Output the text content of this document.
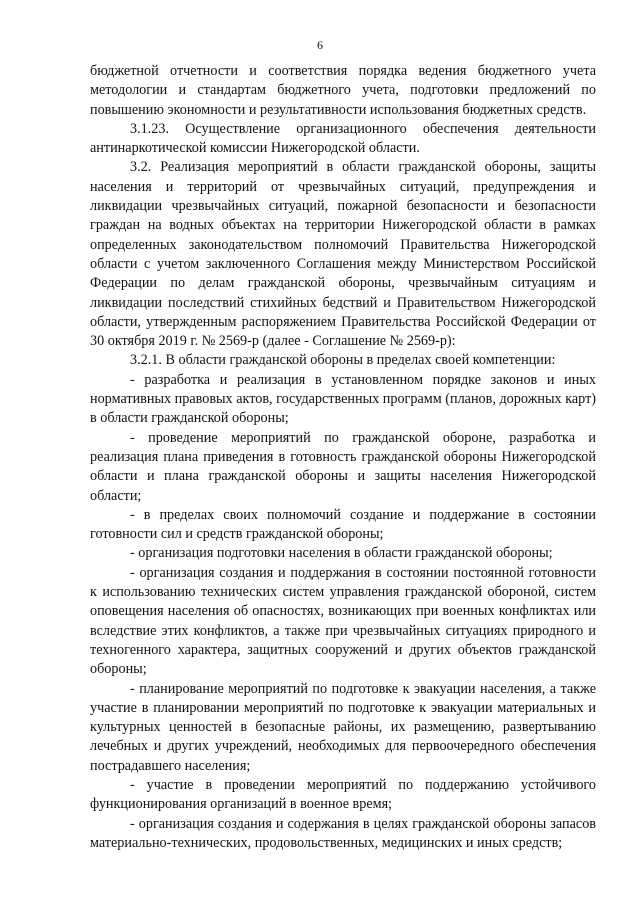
6

бюджетной отчетности и соответствия порядка ведения бюджетного учета методологии и стандартам бюджетного учета, подготовки предложений по повышению экономности и результативности использования бюджетных средств.

3.1.23. Осуществление организационного обеспечения деятельности антинаркотической комиссии Нижегородской области.

3.2. Реализация мероприятий в области гражданской обороны, защиты населения и территорий от чрезвычайных ситуаций, предупреждения и ликвидации чрезвычайных ситуаций, пожарной безопасности и безопасности граждан на водных объектах на территории Нижегородской области в рамках определенных законодательством полномочий Правительства Нижегородской области с учетом заключенного Соглашения между Министерством Российской Федерации по делам гражданской обороны, чрезвычайным ситуациям и ликвидации последствий стихийных бедствий и Правительством Нижегородской области, утвержденным распоряжением Правительства Российской Федерации от 30 октября 2019 г. № 2569-р (далее - Соглашение № 2569-р):

3.2.1. В области гражданской обороны в пределах своей компетенции:

- разработка и реализация в установленном порядке законов и иных нормативных правовых актов, государственных программ (планов, дорожных карт) в области гражданской обороны;

- проведение мероприятий по гражданской обороне, разработка и реализация плана приведения в готовность гражданской обороны Нижегородской области и плана гражданской обороны и защиты населения Нижегородской области;

- в пределах своих полномочий создание и поддержание в состоянии готовности сил и средств гражданской обороны;

- организация подготовки населения в области гражданской обороны;

- организация создания и поддержания в состоянии постоянной готовности к использованию технических систем управления гражданской обороной, систем оповещения населения об опасностях, возникающих при военных конфликтах или вследствие этих конфликтов, а также при чрезвычайных ситуациях природного и техногенного характера, защитных сооружений и других объектов гражданской обороны;

- планирование мероприятий по подготовке к эвакуации населения, а также участие в планировании мероприятий по подготовке к эвакуации материальных и культурных ценностей в безопасные районы, их размещению, развертыванию лечебных и других учреждений, необходимых для первоочередного обеспечения пострадавшего населения;

- участие в проведении мероприятий по поддержанию устойчивого функционирования организаций в военное время;

- организация создания и содержания в целях гражданской обороны запасов материально-технических, продовольственных, медицинских и иных средств;
